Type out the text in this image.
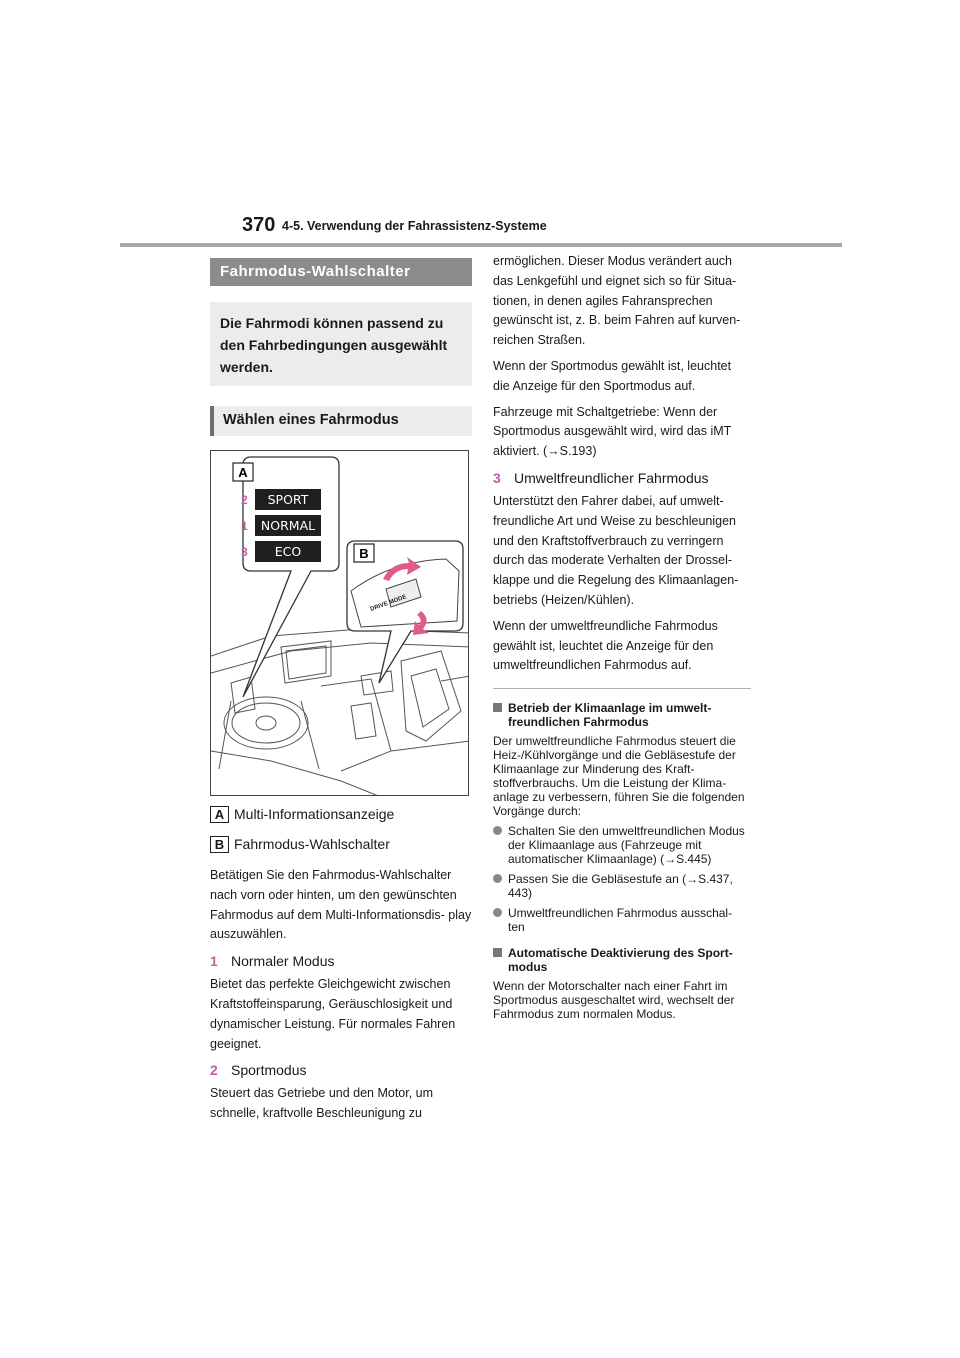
370 4-5. Verwendung der Fahrassistenz-Systeme
Fahrmodus-Wahlschalter
Die Fahrmodi können passend zu den Fahrbedingungen ausgewählt werden.
Wählen eines Fahrmodus
DRIVE MODE
A
B
2 SPORT
1 NORMAL
3 ECO
A Multi-Informationsanzeige
B Fahrmodus-Wahlschalter
Betätigen Sie den Fahrmodus-Wahlschalter nach vorn oder hinten, um den gewünschten Fahrmodus auf dem Multi-Informationsdis- play auszuwählen.
1 Normaler Modus
Bietet das perfekte Gleichgewicht zwischen Kraftstoffeinsparung, Geräuschlosigkeit und dynamischer Leistung. Für normales Fahren geeignet.
2 Sportmodus
Steuert das Getriebe und den Motor, um schnelle, kraftvolle Beschleunigung zu
ermöglichen. Dieser Modus verändert auch das Lenkgefühl und eignet sich so für Situa- tionen, in denen agiles Fahransprechen gewünscht ist, z. B. beim Fahren auf kurven- reichen Straßen.
Wenn der Sportmodus gewählt ist, leuchtet die Anzeige für den Sportmodus auf.
Fahrzeuge mit Schaltgetriebe: Wenn der Sportmodus ausgewählt wird, wird das iMT aktiviert. (→S.193)
3 Umweltfreundlicher Fahrmodus
Unterstützt den Fahrer dabei, auf umwelt- freundliche Art und Weise zu beschleunigen und den Kraftstoffverbrauch zu verringern durch das moderate Verhalten der Drossel- klappe und die Regelung des Klimaanlagen- betriebs (Heizen/Kühlen).
Wenn der umweltfreundliche Fahrmodus gewählt ist, leuchtet die Anzeige für den umweltfreundlichen Fahrmodus auf.
Betrieb der Klimaanlage im umwelt- freundlichen Fahrmodus
Der umweltfreundliche Fahrmodus steuert die Heiz-/Kühlvorgänge und die Gebläsestufe der Klimaanlage zur Minderung des Kraft- stoffverbrauchs. Um die Leistung der Klima- anlage zu verbessern, führen Sie die folgenden Vorgänge durch:
Schalten Sie den umweltfreundlichen Modus der Klimaanlage aus (Fahrzeuge mit automatischer Klimaanlage) (→S.445)
Passen Sie die Gebläsestufe an (→S.437, 443)
Umweltfreundlichen Fahrmodus ausschal- ten
Automatische Deaktivierung des Sport- modus
Wenn der Motorschalter nach einer Fahrt im Sportmodus ausgeschaltet wird, wechselt der Fahrmodus zum normalen Modus.
